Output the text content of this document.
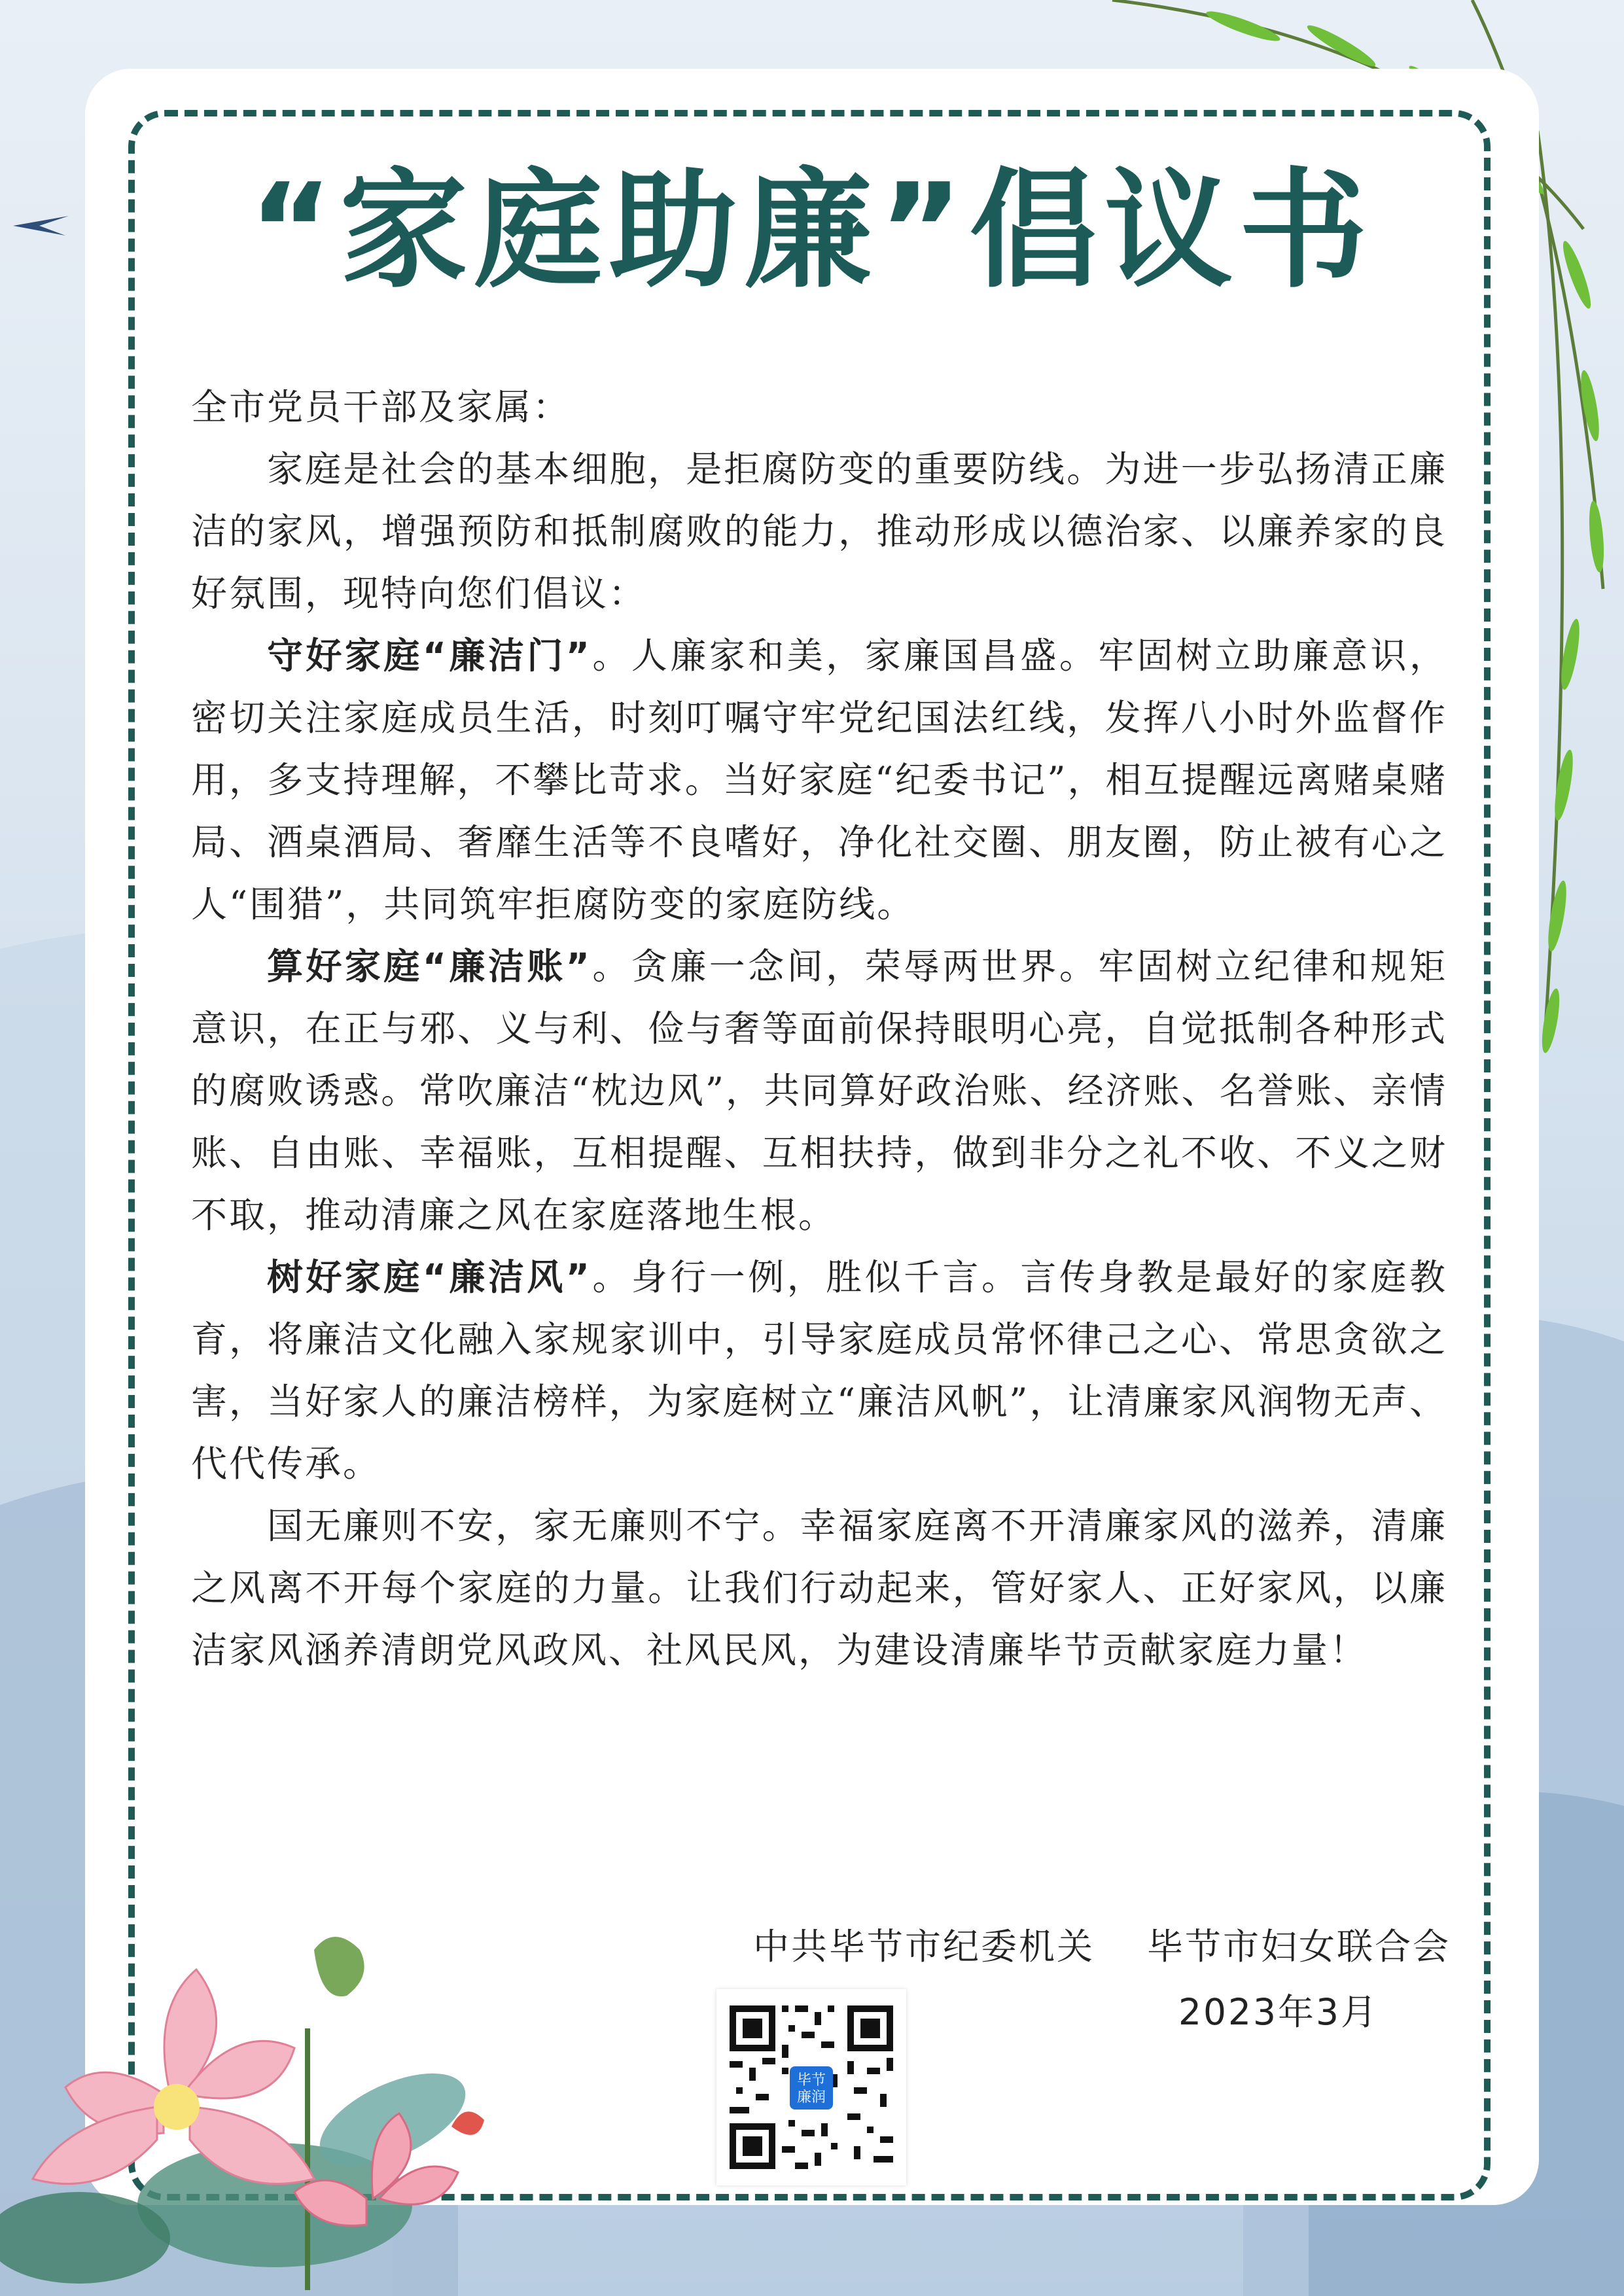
“家庭助廉”倡议书

全市党员干部及家属：

家庭是社会的基本细胞，是拒腐防变的重要防线。为进一步弘扬清正廉洁的家风，增强预防和抵制腐败的能力，推动形成以德治家、以廉养家的良好氛围，现特向您们倡议：

守好家庭“廉洁门”。人廉家和美，家廉国昌盛。牢固树立助廉意识，密切关注家庭成员生活，时刻叮嘱守牢党纪国法红线，发挥八小时外监督作用，多支持理解，不攀比苛求。当好家庭“纪委书记”，相互提醒远离赌桌赌局、酒桌酒局、奢靡生活等不良嗜好，净化社交圈、朋友圈，防止被有心之人“围猎”，共同筑牢拒腐防变的家庭防线。

算好家庭“廉洁账”。贪廉一念间，荣辱两世界。牢固树立纪律和规矩意识，在正与邪、义与利、俭与奢等面前保持眼明心亮，自觉抵制各种形式的腐败诱惑。常吹廉洁“枕边风”，共同算好政治账、经济账、名誉账、亲情账、自由账、幸福账，互相提醒、互相扶持，做到非分之礼不收、不义之财不取，推动清廉之风在家庭落地生根。

树好家庭“廉洁风”。身行一例，胜似千言。言传身教是最好的家庭教育，将廉洁文化融入家规家训中，引导家庭成员常怀律己之心、常思贪欲之害，当好家人的廉洁榜样，为家庭树立“廉洁风帆”，让清廉家风润物无声、代代传承。

国无廉则不安，家无廉则不宁。幸福家庭离不开清廉家风的滋养，清廉之风离不开每个家庭的力量。让我们行动起来，管好家人、正好家风，以廉洁家风涵养清朗党风政风、社风民风，为建设清廉毕节贡献家庭力量！

中共毕节市纪委机关 毕节市妇女联合会
2023年3月
毕节
廉润
